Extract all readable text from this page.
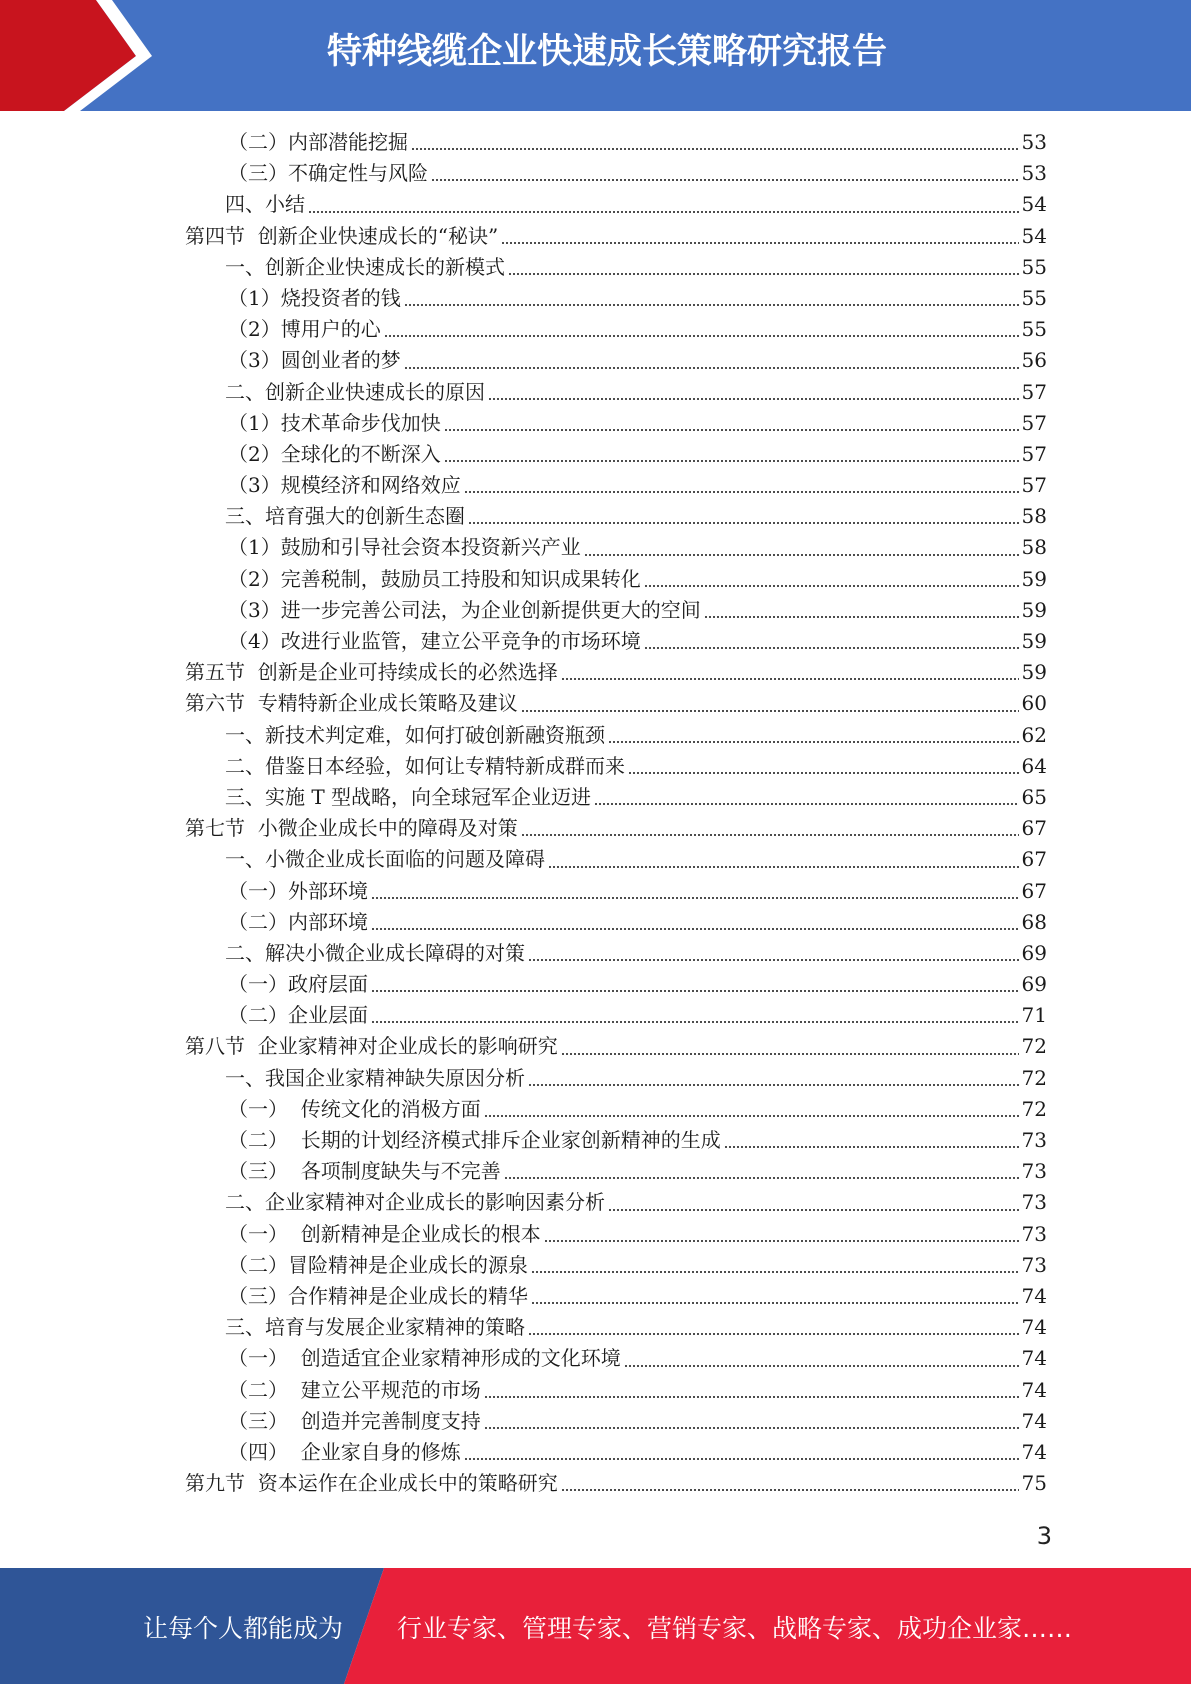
特种线缆企业快速成长策略研究报告
（二）内部潜能挖掘	53
（三）不确定性与风险	53
四、小结	54
第四节  创新企业快速成长的“秘诀”	54
一、创新企业快速成长的新模式	55
（1）烧投资者的钱	55
（2）博用户的心	55
（3）圆创业者的梦	56
二、创新企业快速成长的原因	57
（1）技术革命步伐加快	57
（2）全球化的不断深入	57
（3）规模经济和网络效应	57
三、培育强大的创新生态圈	58
（1）鼓励和引导社会资本投资新兴产业	58
（2）完善税制，鼓励员工持股和知识成果转化	59
（3）进一步完善公司法，为企业创新提供更大的空间	59
（4）改进行业监管，建立公平竞争的市场环境	59
第五节  创新是企业可持续成长的必然选择	59
第六节  专精特新企业成长策略及建议	60
一、新技术判定难，如何打破创新融资瓶颈	62
二、借鉴日本经验，如何让专精特新成群而来	64
三、实施 T 型战略，向全球冠军企业迈进	65
第七节  小微企业成长中的障碍及对策	67
一、小微企业成长面临的问题及障碍	67
（一）外部环境	67
（二）内部环境	68
二、解决小微企业成长障碍的对策	69
（一）政府层面	69
（二）企业层面	71
第八节  企业家精神对企业成长的影响研究	72
一、我国企业家精神缺失原因分析	72
（一）  传统文化的消极方面	72
（二）  长期的计划经济模式排斥企业家创新精神的生成	73
（三）  各项制度缺失与不完善	73
二、企业家精神对企业成长的影响因素分析	73
（一）  创新精神是企业成长的根本	73
（二）冒险精神是企业成长的源泉	73
（三）合作精神是企业成长的精华	74
三、培育与发展企业家精神的策略	74
（一）  创造适宜企业家精神形成的文化环境	74
（二）  建立公平规范的市场	74
（三）  创造并完善制度支持	74
（四）  企业家自身的修炼	74
第九节  资本运作在企业成长中的策略研究	75
3
让每个人都能成为 行业专家、管理专家、营销专家、战略专家、成功企业家……
